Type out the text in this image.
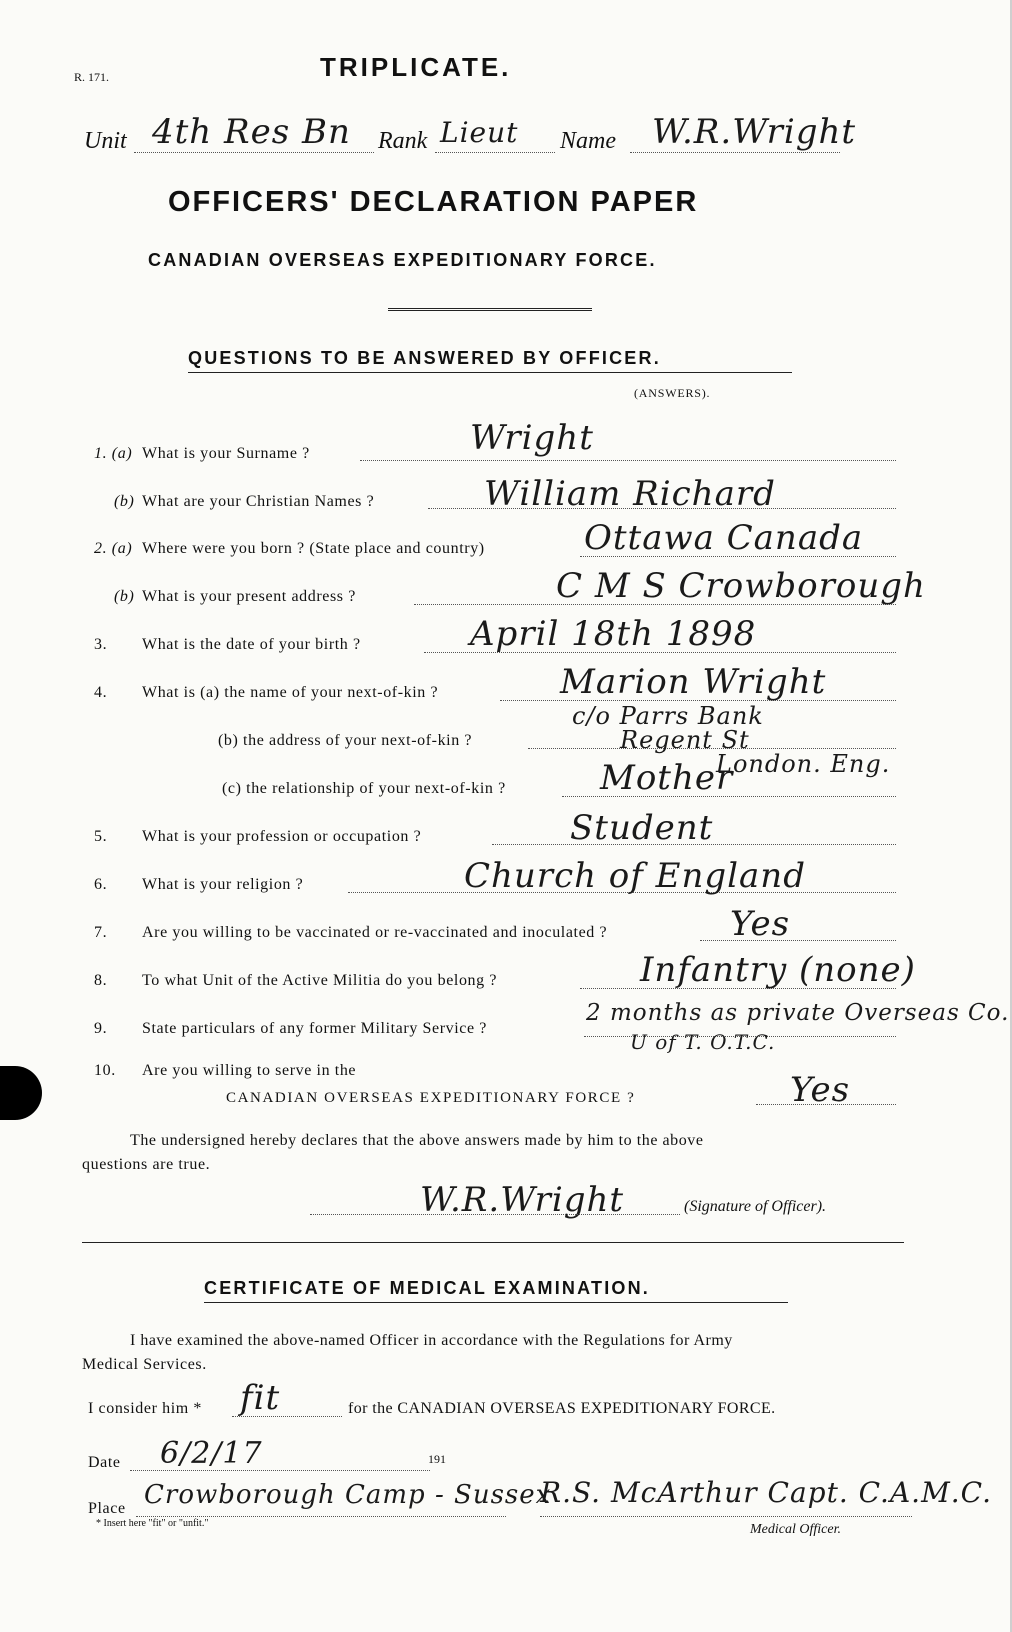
R. 171.	TRIPLICATE.
Unit 4th Res Bn Rank Lieut Name W.R.Wright
OFFICERS' DECLARATION PAPER
CANADIAN OVERSEAS EXPEDITIONARY FORCE.
QUESTIONS TO BE ANSWERED BY OFFICER.
(ANSWERS).
1. (a) What is your Surname ?	Wright
(b) What are your Christian Names ?	William Richard
2. (a) Where were you born ? (State place and country)	Ottawa Canada
(b) What is your present address ?	C M S Crowborough
3. What is the date of your birth ?	April 18th 1898
4. What is (a) the name of your next-of-kin ?	Marion Wright
(b) the address of your next-of-kin ?
c/o Parrs Bank
Regent St
London. Eng.
(c) the relationship of your next-of-kin ?	Mother
5. What is your profession or occupation ?	Student
6. What is your religion ?	Church of England
7. Are you willing to be vaccinated or re-vaccinated and inoculated ?	Yes
8. To what Unit of the Active Militia do you belong ?	Infantry (none)
9. State particulars of any former Military Service ?
2 months as private Overseas Co.
U of T. O.T.C.
10. Are you willing to serve in the
CANADIAN OVERSEAS EXPEDITIONARY FORCE ?	Yes
The undersigned hereby declares that the above answers made by him to the above
questions are true.
W.R.Wright	(Signature of Officer).
CERTIFICATE OF MEDICAL EXAMINATION.
I have examined the above-named Officer in accordance with the Regulations for Army
Medical Services.
I consider him * fit	for the CANADIAN OVERSEAS EXPEDITIONARY FORCE.
Date 6/2/17	191
Place Crowborough Camp - Sussex
R.S. McArthur Capt. C.A.M.C.
Medical Officer.
* Insert here "fit" or "unfit."
